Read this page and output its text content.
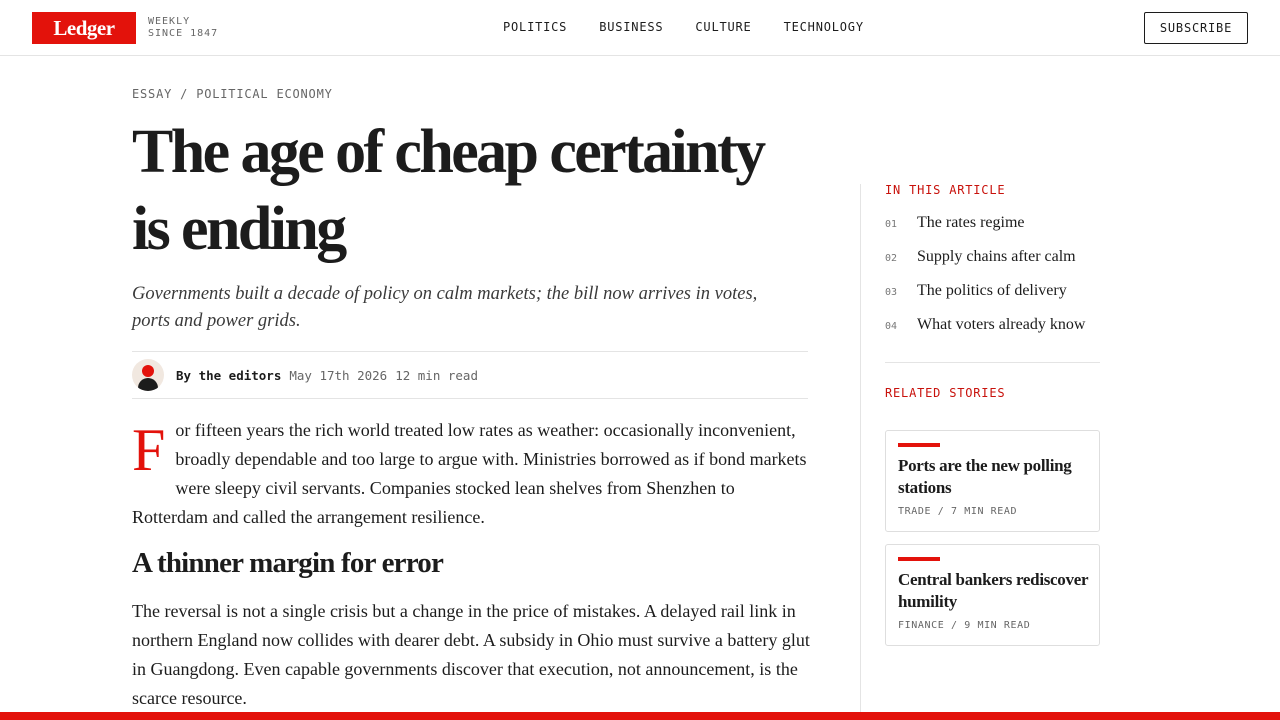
Ledger	WEEKLY
SINCE 1847	POLITICS	BUSINESS	CULTURE	TECHNOLOGY	SUBSCRIBE
ESSAY / POLITICAL ECONOMY
The age of cheap certainty
is ending

Governments built a decade of policy on calm markets; the bill now arrives in votes, ports and power grids.

By the editors May 17th 2026 12 min read
F or fifteen years the rich world treated low rates as weather: occasionally inconvenient, broadly dependable and too large to argue with. Ministries borrowed as if bond markets were sleepy civil servants. Companies stocked lean shelves from Shenzhen to Rotterdam and called the arrangement resilience.
A thinner margin for error

The reversal is not a single crisis but a change in the price of mistakes. A delayed rail link in northern England now collides with dearer debt. A subsidy in Ohio must survive a battery glut in Guangdong. Even capable governments discover that execution, not announcement, is the scarce resource.

IN THIS ARTICLE
01	The rates regime
02	Supply chains after calm
03	The politics of delivery
04	What voters already know
RELATED STORIES
Ports are the new polling stations
TRADE / 7 MIN READ
Central bankers rediscover humility
FINANCE / 9 MIN READ
